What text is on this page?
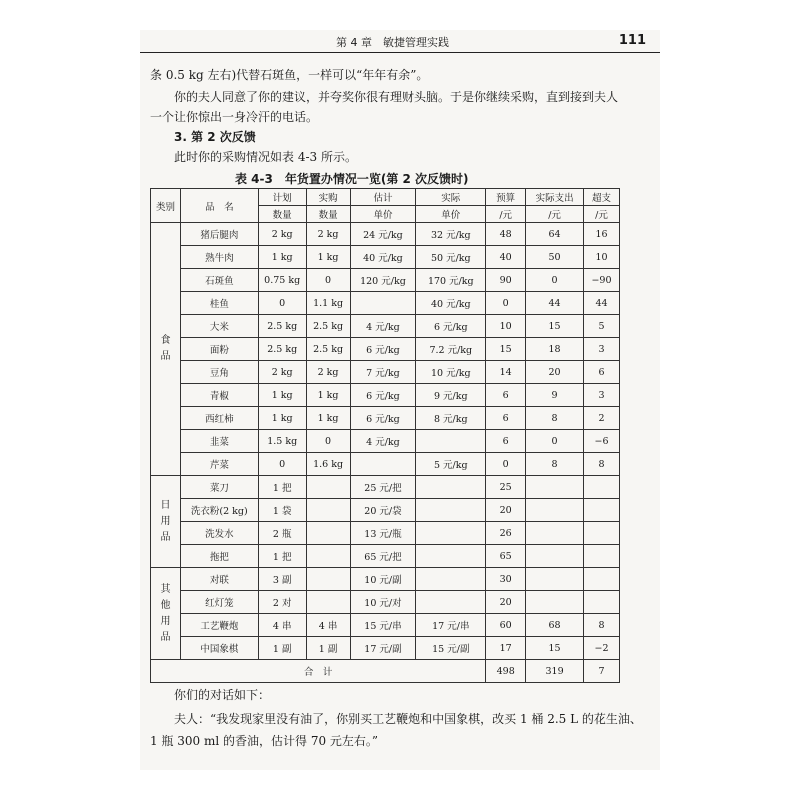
第 4 章　敏捷管理实践	111
条 0.5 kg 左右)代替石斑鱼，一样可以“年年有余”。
你的夫人同意了你的建议，并夸奖你很有理财头脑。于是你继续采购，直到接到夫人
一个让你惊出一身冷汗的电话。
3. 第 2 次反馈
此时你的采购情况如表 4-3 所示。
表 4-3　年货置办情况一览(第 2 次反馈时)
类别	品　名	计划	实购	估计	实际	预算	实际支出	超支
		数量	数量	单价	单价	/元	/元	/元
食
品	猪后腿肉	2 kg	2 kg	24 元/kg	32 元/kg	48	64	16
	熟牛肉	1 kg	1 kg	40 元/kg	50 元/kg	40	50	10
	石斑鱼	0.75 kg	0	120 元/kg	170 元/kg	90	0	−90
	桂鱼	0	1.1 kg		40 元/kg	0	44	44
	大米	2.5 kg	2.5 kg	4 元/kg	6 元/kg	10	15	5
	面粉	2.5 kg	2.5 kg	6 元/kg	7.2 元/kg	15	18	3
	豆角	2 kg	2 kg	7 元/kg	10 元/kg	14	20	6
	青椒	1 kg	1 kg	6 元/kg	9 元/kg	6	9	3
	西红柿	1 kg	1 kg	6 元/kg	8 元/kg	6	8	2
	韭菜	1.5 kg	0	4 元/kg		6	0	−6
	芹菜	0	1.6 kg		5 元/kg	0	8	8
日
用
品	菜刀	1 把		25 元/把		25		
	洗衣粉(2 kg)	1 袋		20 元/袋		20		
	洗发水	2 瓶		13 元/瓶		26		
	拖把	1 把		65 元/把		65		
其
他
用
品	对联	3 副		10 元/副		30		
	红灯笼	2 对		10 元/对		20		
	工艺鞭炮	4 串	4 串	15 元/串	17 元/串	60	68	8
	中国象棋	1 副	1 副	17 元/副	15 元/副	17	15	−2
合　计						498	319	7
你们的对话如下：
夫人：“我发现家里没有油了，你别买工艺鞭炮和中国象棋，改买 1 桶 2.5 L 的花生油、
1 瓶 300 ml 的香油，估计得 70 元左右。”
